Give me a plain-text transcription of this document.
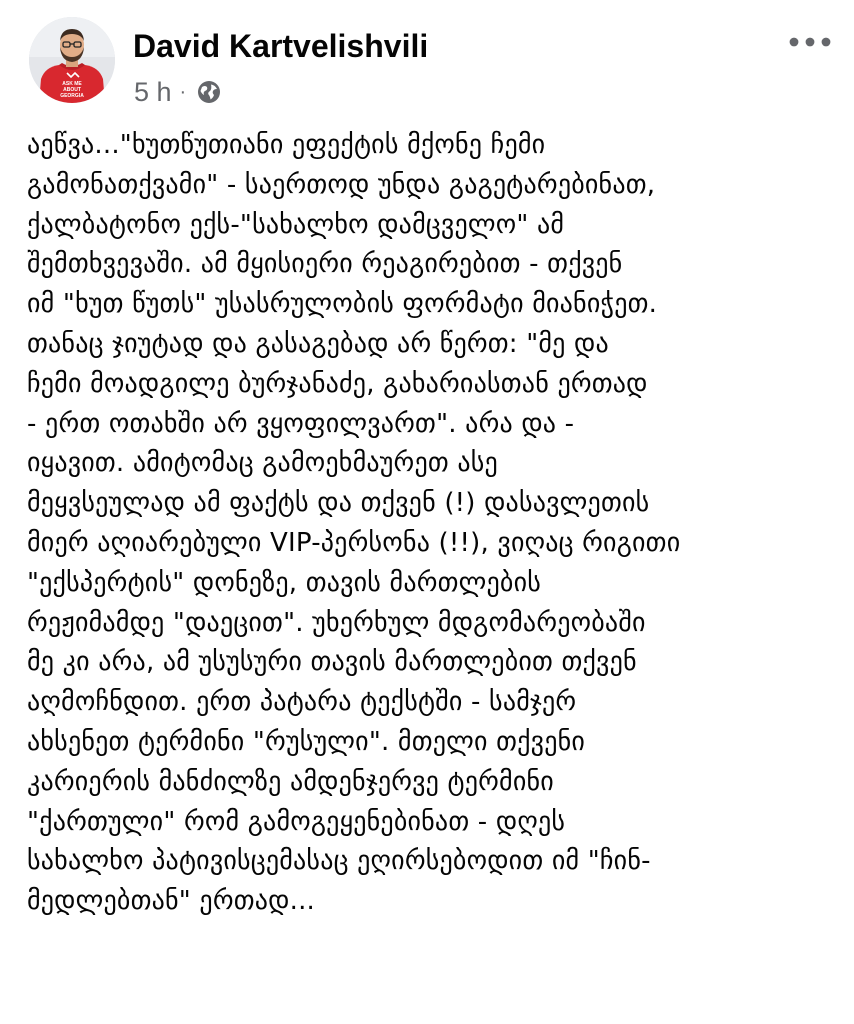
ASK ME
ABOUT
GEORGIA
David Kartvelishvili
5 h ·
აეწვა..."ხუთწუთიანი ეფექტის მქონე ჩემი
გამონათქვამი" - საერთოდ უნდა გაგეტარებინათ,
ქალბატონო ექს-"სახალხო დამცველო" ამ
შემთხვევაში. ამ მყისიერი რეაგირებით - თქვენ
იმ "ხუთ წუთს" უსასრულობის ფორმატი მიანიჭეთ.
თანაც ჯიუტად და გასაგებად არ წერთ: "მე და
ჩემი მოადგილე ბურჯანაძე, გახარიასთან ერთად
- ერთ ოთახში არ ვყოფილვართ". არა და -
იყავით. ამიტომაც გამოეხმაურეთ ასე
მეყვსეულად ამ ფაქტს და თქვენ (!) დასავლეთის
მიერ აღიარებული VIP-პერსონა (!!), ვიღაც რიგითი
"ექსპერტის" დონეზე, თავის მართლების
რეჟიმამდე "დაეცით". უხერხულ მდგომარეობაში
მე კი არა, ამ უსუსური თავის მართლებით თქვენ
აღმოჩნდით. ერთ პატარა ტექსტში - სამჯერ
ახსენეთ ტერმინი "რუსული". მთელი თქვენი
კარიერის მანძილზე ამდენჯერვე ტერმინი
"ქართული" რომ გამოგეყენებინათ - დღეს
სახალხო პატივისცემასაც ეღირსებოდით იმ "ჩინ-
მედლებთან" ერთად...
